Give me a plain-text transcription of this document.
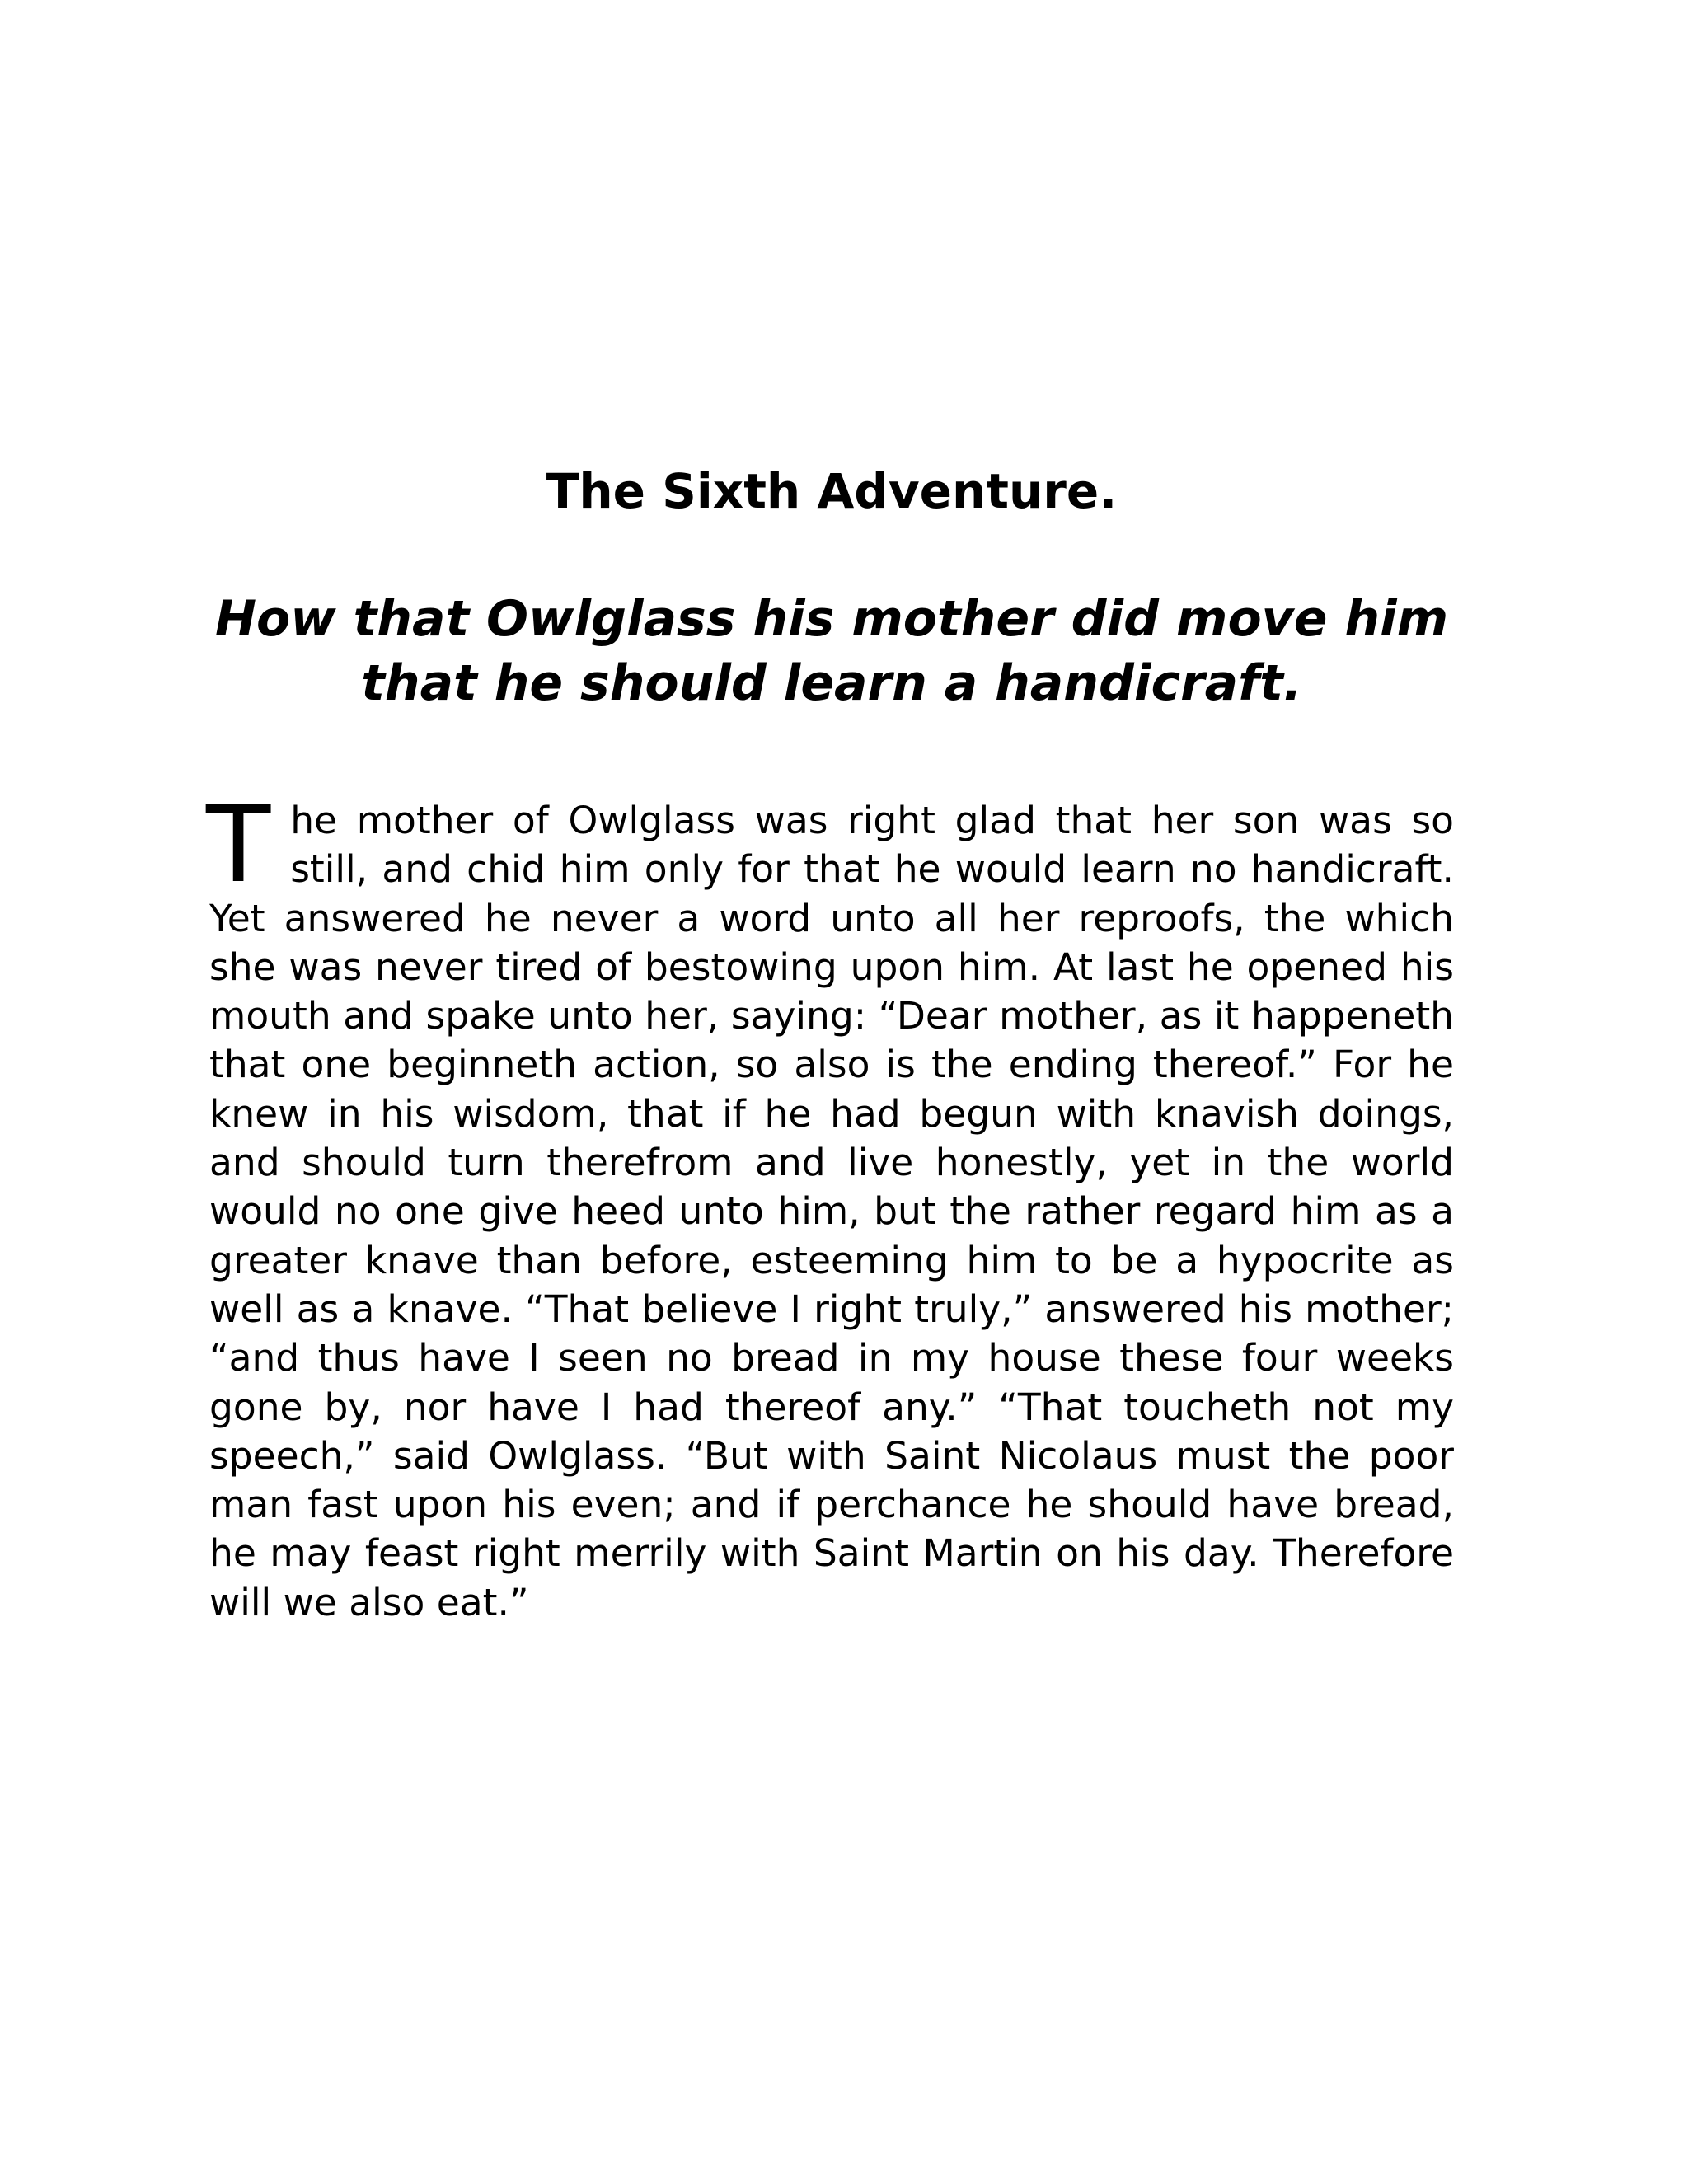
The Sixth Adventure.
How that Owlglass his mother did move him
that he should learn a handicraft.

The mother of Owlglass was right glad that her son was so still, and chid him only for that he would learn no handicraft. Yet answered he never a word unto all her reproofs, the which she was never tired of bestowing upon him. At last he opened his mouth and spake unto her, saying: “Dear mother, as it happeneth that one beginneth action, so also is the ending thereof.” For he knew in his wisdom, that if he had begun with knavish doings, and should turn therefrom and live honestly, yet in the world would no one give heed unto him, but the rather regard him as a greater knave than before, esteeming him to be a hypocrite as well as a knave. “That believe I right truly,” answered his mother; “and thus have I seen no bread in my house these four weeks gone by, nor have I had thereof any.” “That toucheth not my speech,” said Owlglass. “But with Saint Nicolaus must the poor man fast upon his even; and if perchance he should have bread, he may feast right merrily with Saint Martin on his day. Therefore will we also eat.”
